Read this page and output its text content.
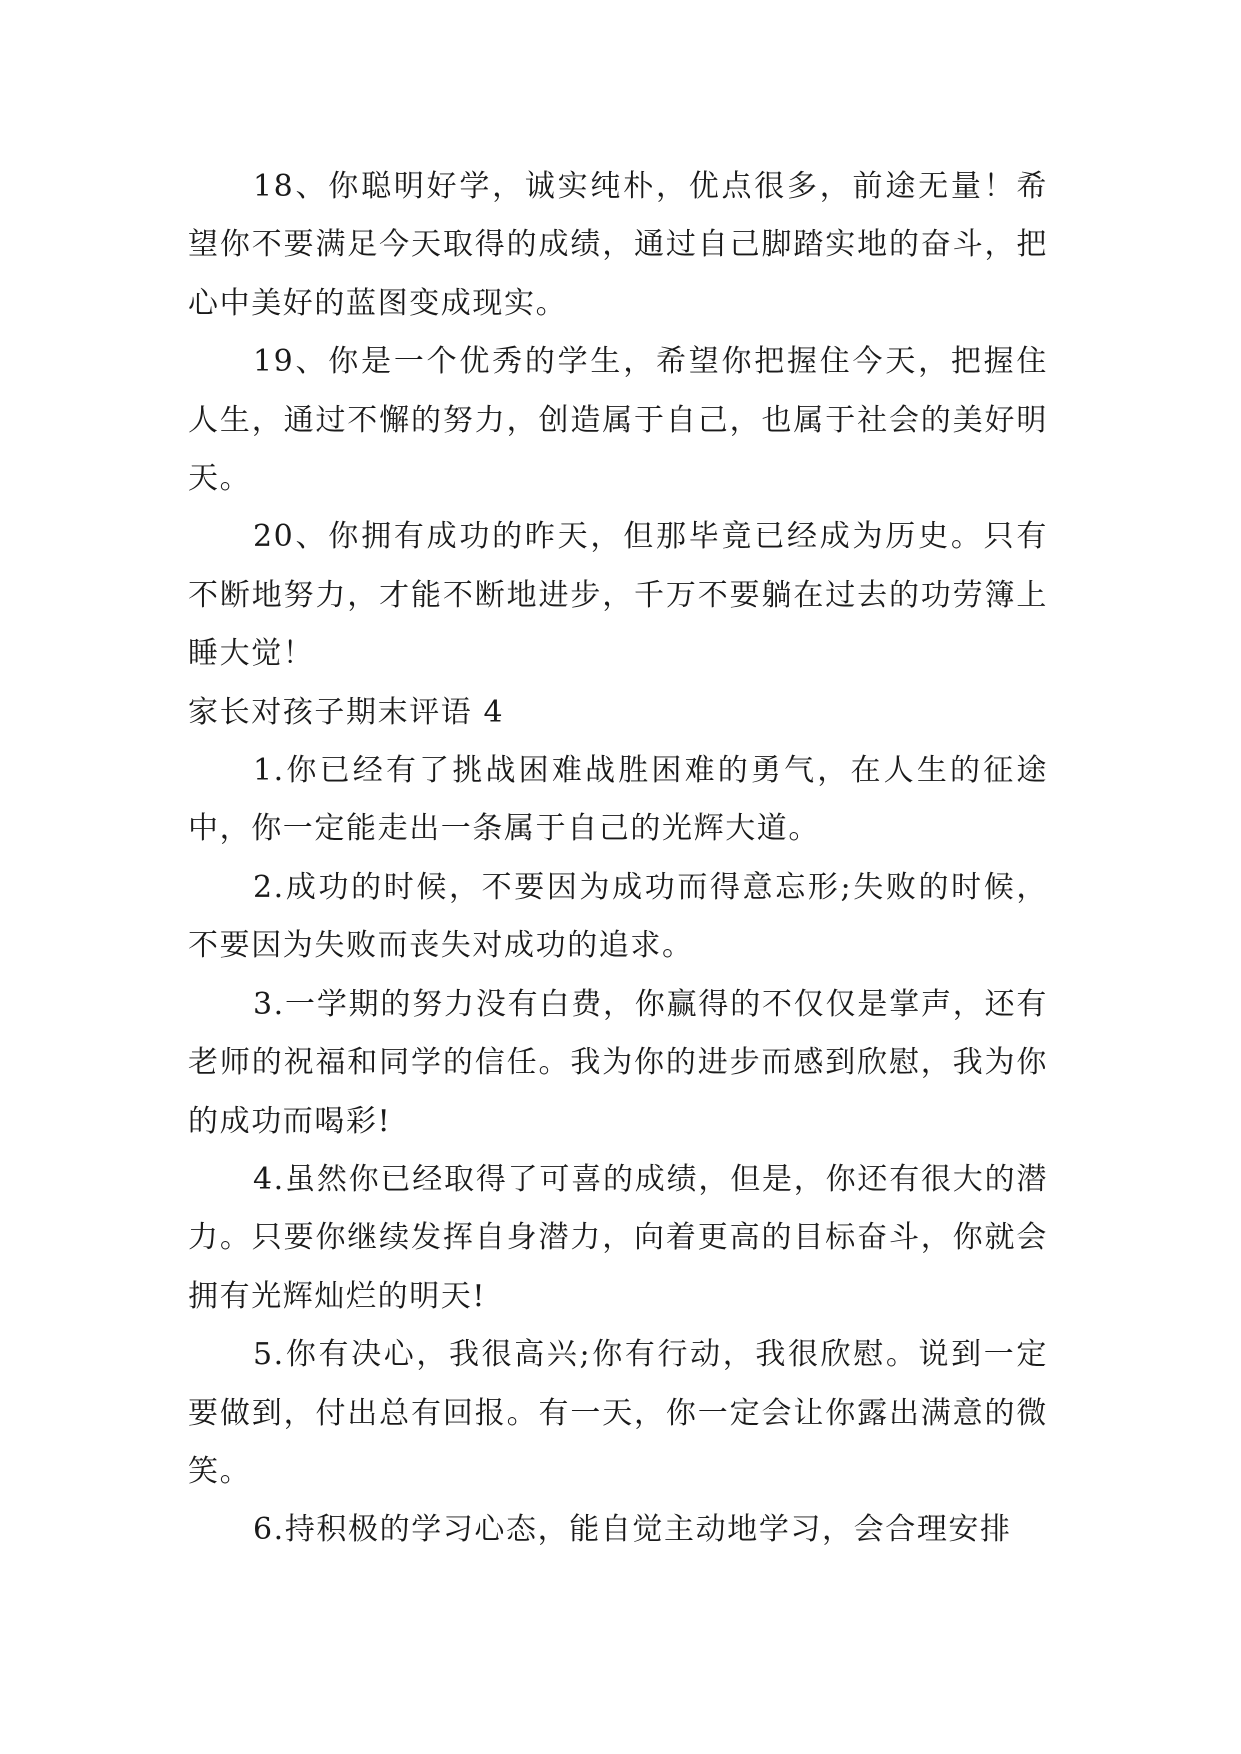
18、你聪明好学，诚实纯朴，优点很多，前途无量！希望你不要满足今天取得的成绩，通过自己脚踏实地的奋斗，把心中美好的蓝图变成现实。

19、你是一个优秀的学生，希望你把握住今天，把握住人生，通过不懈的努力，创造属于自己，也属于社会的美好明天。

20、你拥有成功的昨天，但那毕竟已经成为历史。只有不断地努力，才能不断地进步，千万不要躺在过去的功劳簿上睡大觉！

家长对孩子期末评语 4

1.你已经有了挑战困难战胜困难的勇气，在人生的征途中，你一定能走出一条属于自己的光辉大道。

2.成功的时候，不要因为成功而得意忘形;失败的时候，不要因为失败而丧失对成功的追求。

3.一学期的努力没有白费，你赢得的不仅仅是掌声，还有老师的祝福和同学的信任。我为你的进步而感到欣慰，我为你的成功而喝彩!

4.虽然你已经取得了可喜的成绩，但是，你还有很大的潜力。只要你继续发挥自身潜力，向着更高的目标奋斗，你就会拥有光辉灿烂的明天!

5.你有决心，我很高兴;你有行动，我很欣慰。说到一定要做到，付出总有回报。有一天，你一定会让你露出满意的微笑。

6.持积极的学习心态，能自觉主动地学习，会合理安排
